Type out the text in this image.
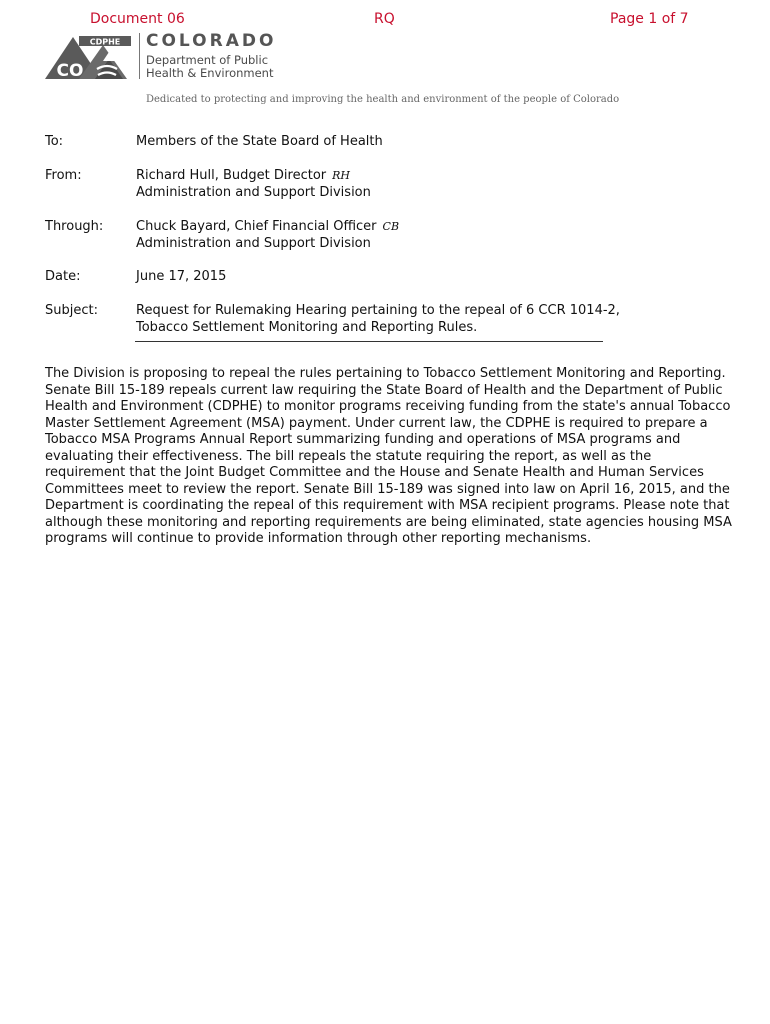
Document 06	RQ	Page 1 of 7
CDPHE
CO
COLORADO
Department of Public
Health & Environment
Dedicated to protecting and improving the health and environment of the people of Colorado
To:	Members of the State Board of Health
From:	Richard Hull, Budget Director RH
Administration and Support Division
Through:	Chuck Bayard, Chief Financial Officer CB
Administration and Support Division
Date:	June 17, 2015
Subject:	Request for Rulemaking Hearing pertaining to the repeal of 6 CCR 1014-2,
Tobacco Settlement Monitoring and Reporting Rules.

The Division is proposing to repeal the rules pertaining to Tobacco Settlement Monitoring and Reporting. Senate Bill 15-189 repeals current law requiring the State Board of Health and the Department of Public Health and Environment (CDPHE) to monitor programs receiving funding from the state's annual Tobacco Master Settlement Agreement (MSA) payment. Under current law, the CDPHE is required to prepare a Tobacco MSA Programs Annual Report summarizing funding and operations of MSA programs and evaluating their effectiveness. The bill repeals the statute requiring the report, as well as the requirement that the Joint Budget Committee and the House and Senate Health and Human Services Committees meet to review the report. Senate Bill 15-189 was signed into law on April 16, 2015, and the Department is coordinating the repeal of this requirement with MSA recipient programs. Please note that although these monitoring and reporting requirements are being eliminated, state agencies housing MSA programs will continue to provide information through other reporting mechanisms.
